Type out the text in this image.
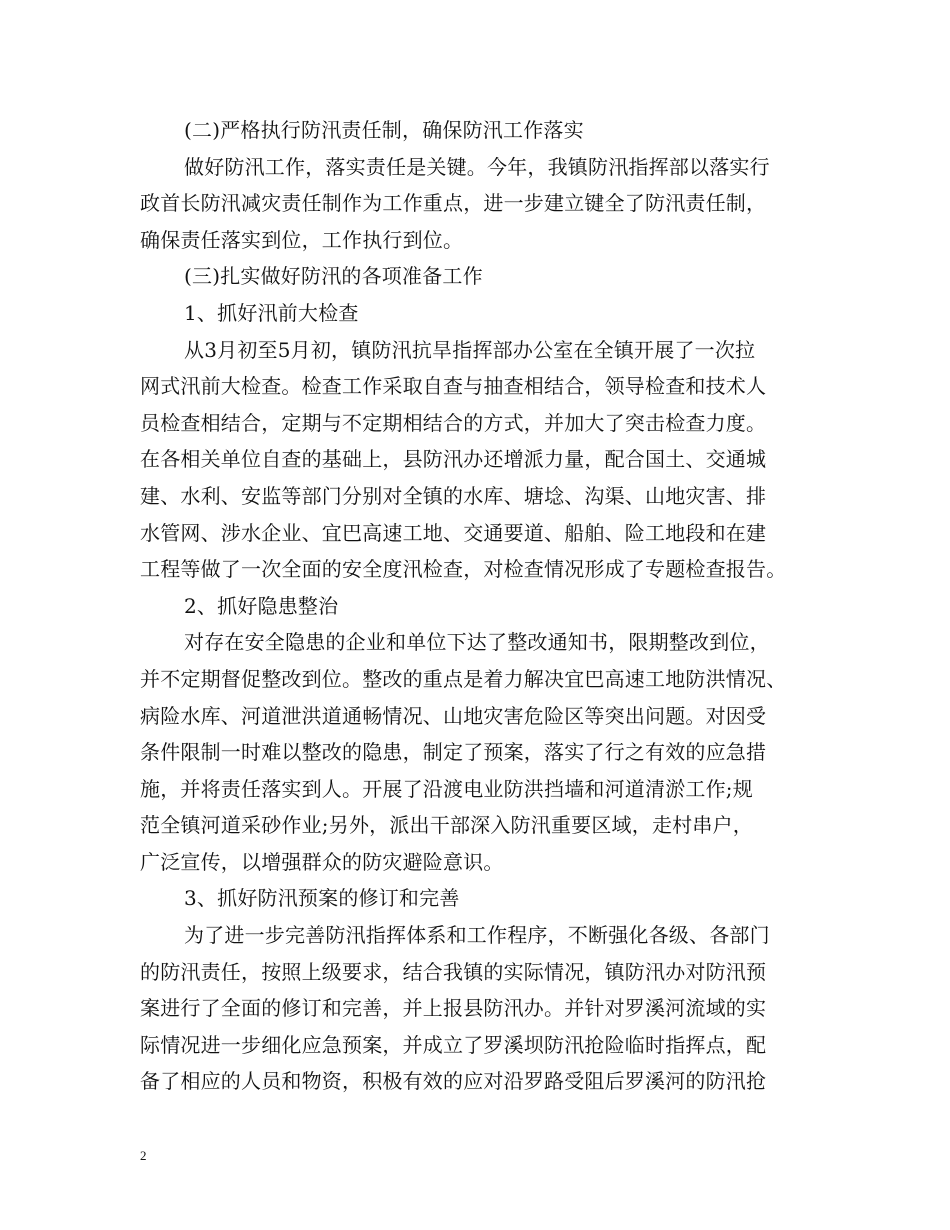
(二)严格执行防汛责任制，确保防汛工作落实
做好防汛工作，落实责任是关键。今年，我镇防汛指挥部以落实行
政首长防汛减灾责任制作为工作重点，进一步建立键全了防汛责任制，
确保责任落实到位，工作执行到位。
(三)扎实做好防汛的各项准备工作
1、抓好汛前大检查
从3月初至5月初，镇防汛抗旱指挥部办公室在全镇开展了一次拉
网式汛前大检查。检查工作采取自查与抽查相结合，领导检查和技术人
员检查相结合，定期与不定期相结合的方式，并加大了突击检查力度。
在各相关单位自查的基础上，县防汛办还增派力量，配合国土、交通城
建、水利、安监等部门分别对全镇的水库、塘埝、沟渠、山地灾害、排
水管网、涉水企业、宜巴高速工地、交通要道、船舶、险工地段和在建
工程等做了一次全面的安全度汛检查，对检查情况形成了专题检查报告。
2、抓好隐患整治
对存在安全隐患的企业和单位下达了整改通知书，限期整改到位，
并不定期督促整改到位。整改的重点是着力解决宜巴高速工地防洪情况、
病险水库、河道泄洪道通畅情况、山地灾害危险区等突出问题。对因受
条件限制一时难以整改的隐患，制定了预案，落实了行之有效的应急措
施，并将责任落实到人。开展了沿渡电业防洪挡墙和河道清淤工作;规
范全镇河道采砂作业;另外，派出干部深入防汛重要区域，走村串户，
广泛宣传，以增强群众的防灾避险意识。
3、抓好防汛预案的修订和完善
为了进一步完善防汛指挥体系和工作程序，不断强化各级、各部门
的防汛责任，按照上级要求，结合我镇的实际情况，镇防汛办对防汛预
案进行了全面的修订和完善，并上报县防汛办。并针对罗溪河流域的实
际情况进一步细化应急预案，并成立了罗溪坝防汛抢险临时指挥点，配
备了相应的人员和物资，积极有效的应对沿罗路受阻后罗溪河的防汛抢
2
